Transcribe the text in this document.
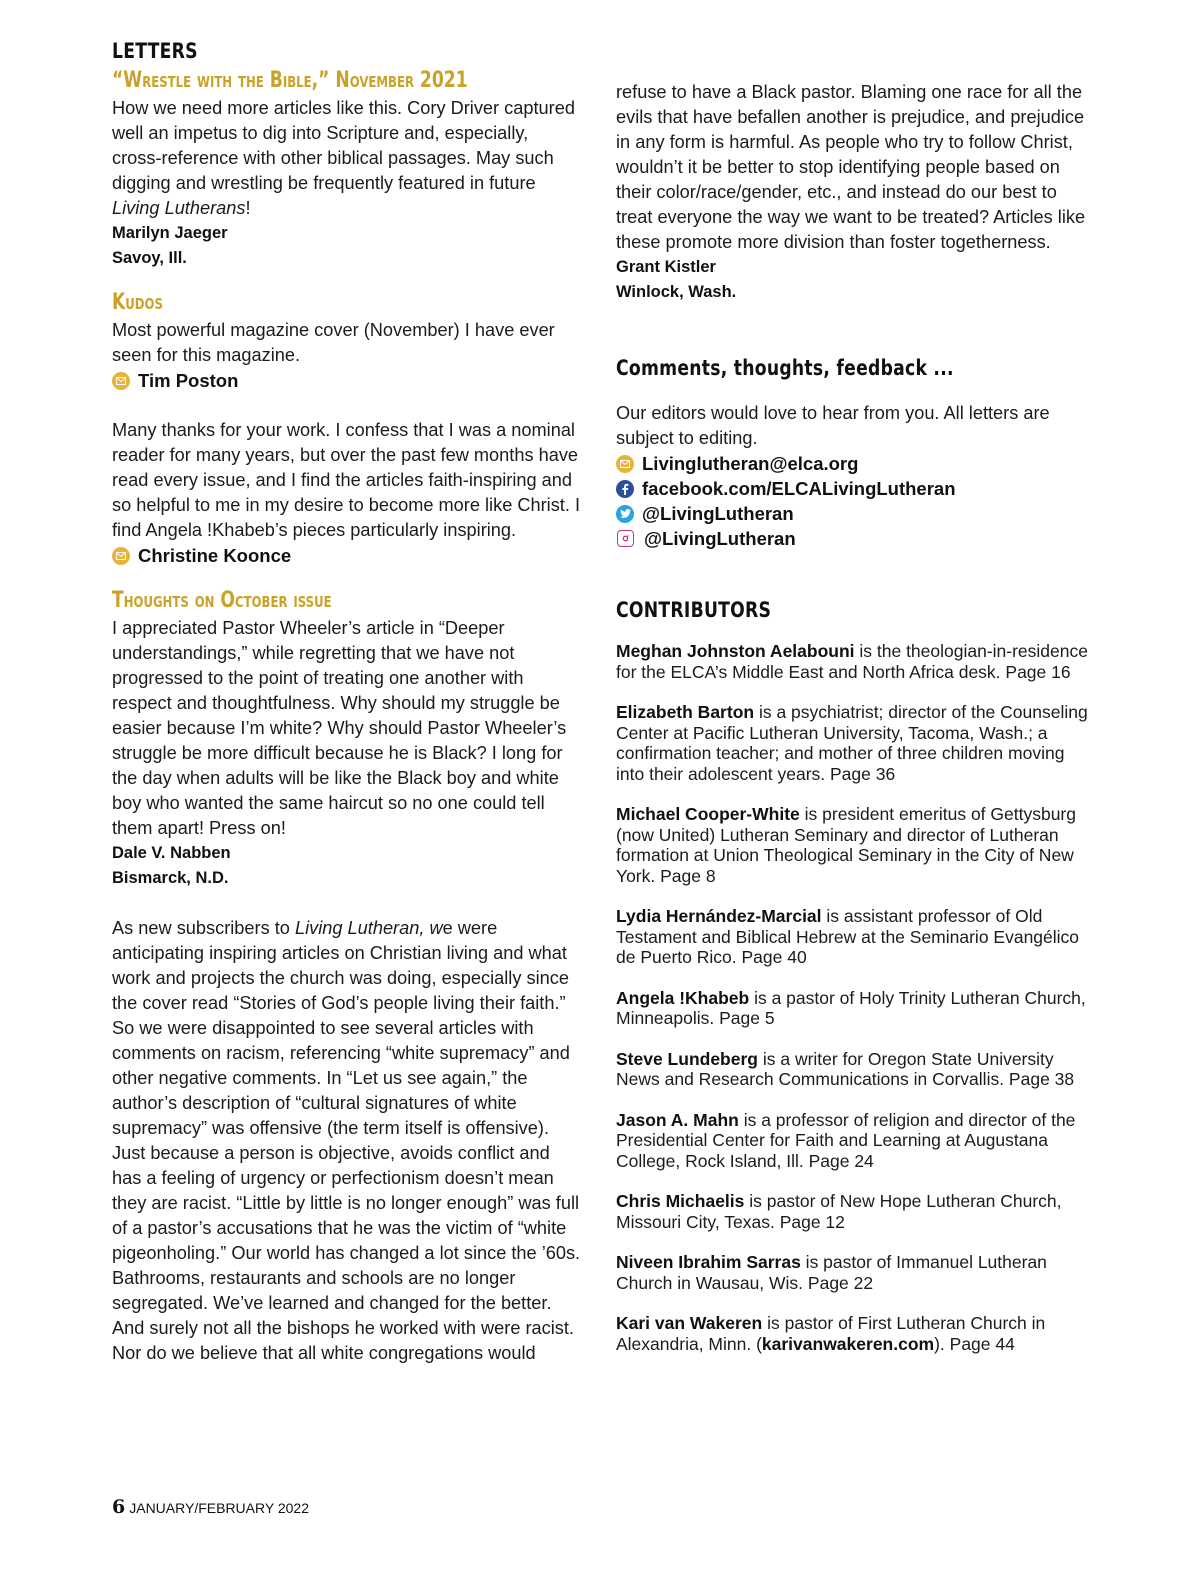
LETTERS
“Wrestle with the Bible,” November 2021

How we need more articles like this. Cory Driver captured well an impetus to dig into Scripture and, especially, cross-reference with other biblical passages. May such digging and wrestling be frequently featured in future Living Lutherans!

Marilyn Jaeger
Savoy, Ill.
Kudos

Most powerful magazine cover (November) I have ever seen for this magazine.

Tim Poston

Many thanks for your work. I confess that I was a nominal reader for many years, but over the past few months have read every issue, and I find the articles faith-inspiring and so helpful to me in my desire to become more like Christ. I find Angela !Khabeb’s pieces particularly inspiring.

Christine Koonce
Thoughts on October issue

I appreciated Pastor Wheeler’s article in “Deeper understandings,” while regretting that we have not progressed to the point of treating one another with respect and thoughtfulness. Why should my struggle be easier because I’m white? Why should Pastor Wheeler’s struggle be more difficult because he is Black? I long for the day when adults will be like the Black boy and white boy who wanted the same haircut so no one could tell them apart! Press on!

Dale V. Nabben
Bismarck, N.D.

As new subscribers to Living Lutheran, we were anticipating inspiring articles on Christian living and what work and projects the church was doing, especially since the cover read “Stories of God’s people living their faith.” So we were disappointed to see several articles with comments on racism, referencing “white supremacy” and other negative comments. In “Let us see again,” the author’s description of “cultural signatures of white supremacy” was offensive (the term itself is offensive). Just because a person is objective, avoids conflict and has a feeling of urgency or perfectionism doesn’t mean they are racist. “Little by little is no longer enough” was full of a pastor’s accusations that he was the victim of “white pigeonholing.” Our world has changed a lot since the ’60s. Bathrooms, restaurants and schools are no longer segregated. We’ve learned and changed for the better. And surely not all the bishops he worked with were racist. Nor do we believe that all white congregations would

refuse to have a Black pastor. Blaming one race for all the evils that have befallen another is prejudice, and prejudice in any form is harmful. As people who try to follow Christ, wouldn’t it be better to stop identifying people based on their color/race/gender, etc., and instead do our best to treat everyone the way we want to be treated? Articles like these promote more division than foster togetherness.

Grant Kistler
Winlock, Wash.
Comments, thoughts, feedback ...

Our editors would love to hear from you. All letters are subject to editing.

Livinglutheran@elca.org
facebook.com/ELCALivingLutheran
@LivingLutheran
@LivingLutheran
CONTRIBUTORS

Meghan Johnston Aelabouni is the theologian-in-residence for the ELCA’s Middle East and North Africa desk. Page 16

Elizabeth Barton is a psychiatrist; director of the Counseling Center at Pacific Lutheran University, Tacoma, Wash.; a confirmation teacher; and mother of three children moving into their adolescent years. Page 36

Michael Cooper-White is president emeritus of Gettysburg (now United) Lutheran Seminary and director of Lutheran formation at Union Theological Seminary in the City of New York. Page 8

Lydia Hernández-Marcial is assistant professor of Old Testament and Biblical Hebrew at the Seminario Evangélico de Puerto Rico. Page 40

Angela !Khabeb is a pastor of Holy Trinity Lutheran Church, Minneapolis. Page 5

Steve Lundeberg is a writer for Oregon State University News and Research Communications in Corvallis. Page 38

Jason A. Mahn is a professor of religion and director of the Presidential Center for Faith and Learning at Augustana College, Rock Island, Ill. Page 24

Chris Michaelis is pastor of New Hope Lutheran Church, Missouri City, Texas. Page 12

Niveen Ibrahim Sarras is pastor of Immanuel Lutheran Church in Wausau, Wis. Page 22

Kari van Wakeren is pastor of First Lutheran Church in Alexandria, Minn. (karivanwakeren.com). Page 44

6 JANUARY/FEBRUARY 2022
